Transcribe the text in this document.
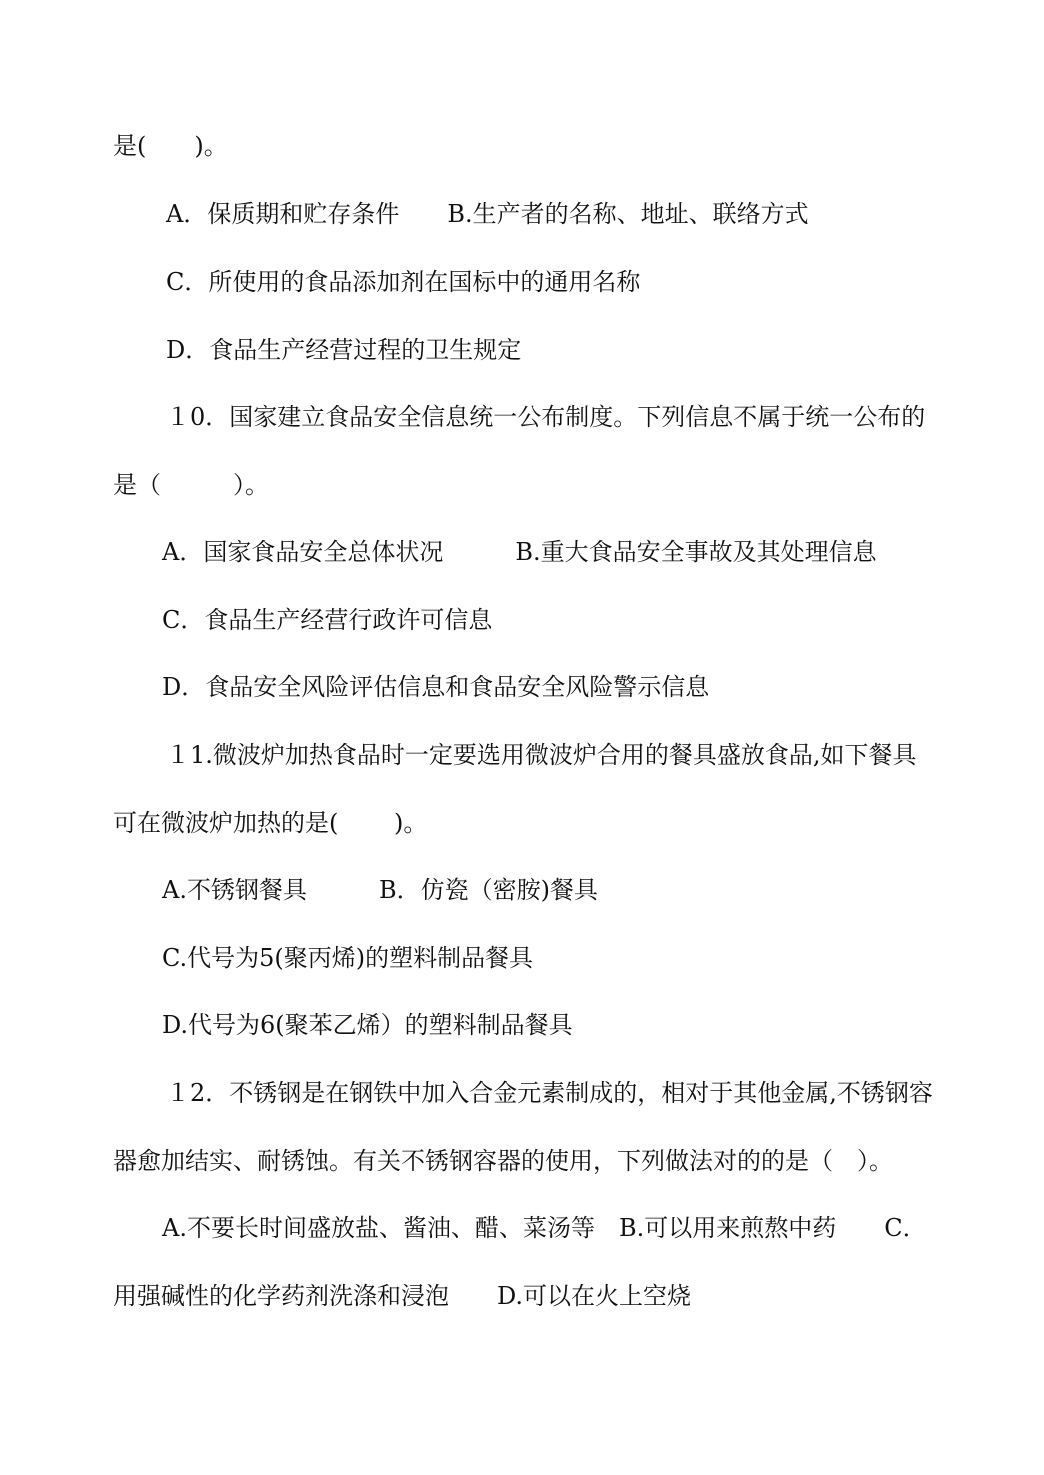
是(　　)。
A．保质期和贮存条件　　B.生产者的名称、地址、联络方式
C．所使用的食品添加剂在国标中的通用名称
D．食品生产经营过程的卫生规定
１0．国家建立食品安全信息统一公布制度。下列信息不属于统一公布的
是（　　　）。
A．国家食品安全总体状况　　　B.重大食品安全事故及其处理信息
C．食品生产经营行政许可信息
D．食品安全风险评估信息和食品安全风险警示信息
１1.微波炉加热食品时一定要选用微波炉合用的餐具盛放食品,如下餐具
可在微波炉加热的是(　　 )。
A.不锈钢餐具　　　B．仿瓷（密胺)餐具
C.代号为5(聚丙烯)的塑料制品餐具
D.代号为6(聚苯乙烯）的塑料制品餐具
１2．不锈钢是在钢铁中加入合金元素制成的，相对于其他金属,不锈钢容
器愈加结实、耐锈蚀。有关不锈钢容器的使用，下列做法对的的是（　）。
A.不要长时间盛放盐、酱油、醋、菜汤等　B.可以用来煎熬中药　　C．
用强碱性的化学药剂洗涤和浸泡　　D.可以在火上空烧
